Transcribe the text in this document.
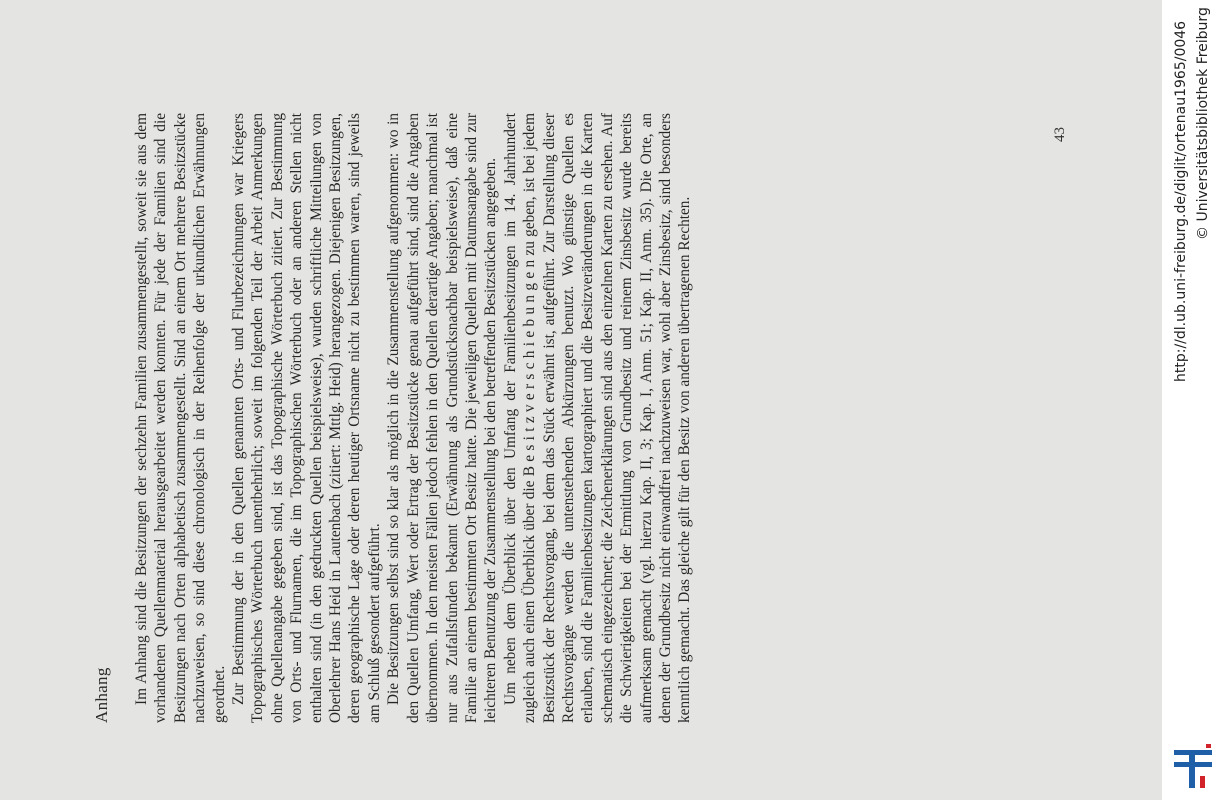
Anhang Im Anhang sind die Besitzungen der sechzehn Familien zusammengestellt, soweit sie aus dem vorhandenen Quellenmaterial herausgearbeitet werden konnten. Für jede der Familien sind die Besitzungen nach Orten alphabetisch zusammengestellt. Sind an einem Ort mehrere Besitzstücke nachzuweisen, so sind diese chronologisch in der Reihenfolge der urkundlichen Erwähnungen geordnet. Zur Bestimmung der in den Quellen genannten Orts- und Flurbezeichnungen war Kriegers Topographisches Wörterbuch unentbehrlich; soweit im folgenden Teil der Arbeit Anmerkungen ohne Quellenangabe gegeben sind, ist das Topographische Wörterbuch zitiert. Zur Bestimmung von Orts- und Flurnamen, die im Topographischen Wörterbuch oder an anderen Stellen nicht enthalten sind (in den gedruckten Quellen beispielsweise), wurden schriftliche Mitteilungen von Oberlehrer Hans Heid in Lautenbach (zitiert: Mttlg. Heid) herangezogen. Diejenigen Besitzungen, deren geographische Lage oder deren heutiger Ortsname nicht zu bestimmen waren, sind jeweils am Schluß gesondert aufgeführt. Die Besitzungen selbst sind so klar als möglich in die Zusammenstellung aufgenommen: wo in den Quellen Umfang, Wert oder Ertrag der Besitzstücke genau aufgeführt sind, sind die Angaben übernommen. In den meisten Fällen jedoch fehlen in den Quellen derartige Angaben; manchmal ist nur aus Zufallsfunden bekannt (Erwähnung als Grundstücksnachbar beispielsweise), daß eine Familie an einem bestimmten Ort Besitz hatte. Die jeweiligen Quellen mit Datumsangabe sind zur leichteren Benutzung der Zusammenstellung bei den betreffenden Besitzstücken angegeben. Um neben dem Überblick über den Umfang der Familienbesitzungen im 14. Jahrhundert zugleich auch einen Überblick über die B e s i t z v e r s c h i e b u n g e n zu geben, ist bei jedem Besitzstück der Rechtsvorgang, bei dem das Stück erwähnt ist, aufgeführt. Zur Darstellung dieser Rechtsvorgänge werden die untenstehenden Abkürzungen benutzt. Wo günstige Quellen es erlauben, sind die Familienbesitzungen kartographiert und die Besitzveränderungen in die Karten schematisch eingezeichnet; die Zeichenerklärungen sind aus den einzelnen Karten zu ersehen. Auf die Schwierigkeiten bei der Ermittlung von Grundbesitz und reinem Zinsbesitz wurde bereits aufmerksam gemacht (vgl. hierzu Kap. II, 3; Kap. I, Anm. 51; Kap. II, Anm. 35). Die Orte, an denen der Grundbesitz nicht einwandfrei nachzuweisen war, wohl aber Zinsbesitz, sind besonders kenntlich gemacht. Das gleiche gilt für den Besitz von anderen übertragenen Rechten.

43	http://dl.ub.uni-freiburg.de/diglit/ortenau1965/0046 © Universitätsbibliothek Freiburg
